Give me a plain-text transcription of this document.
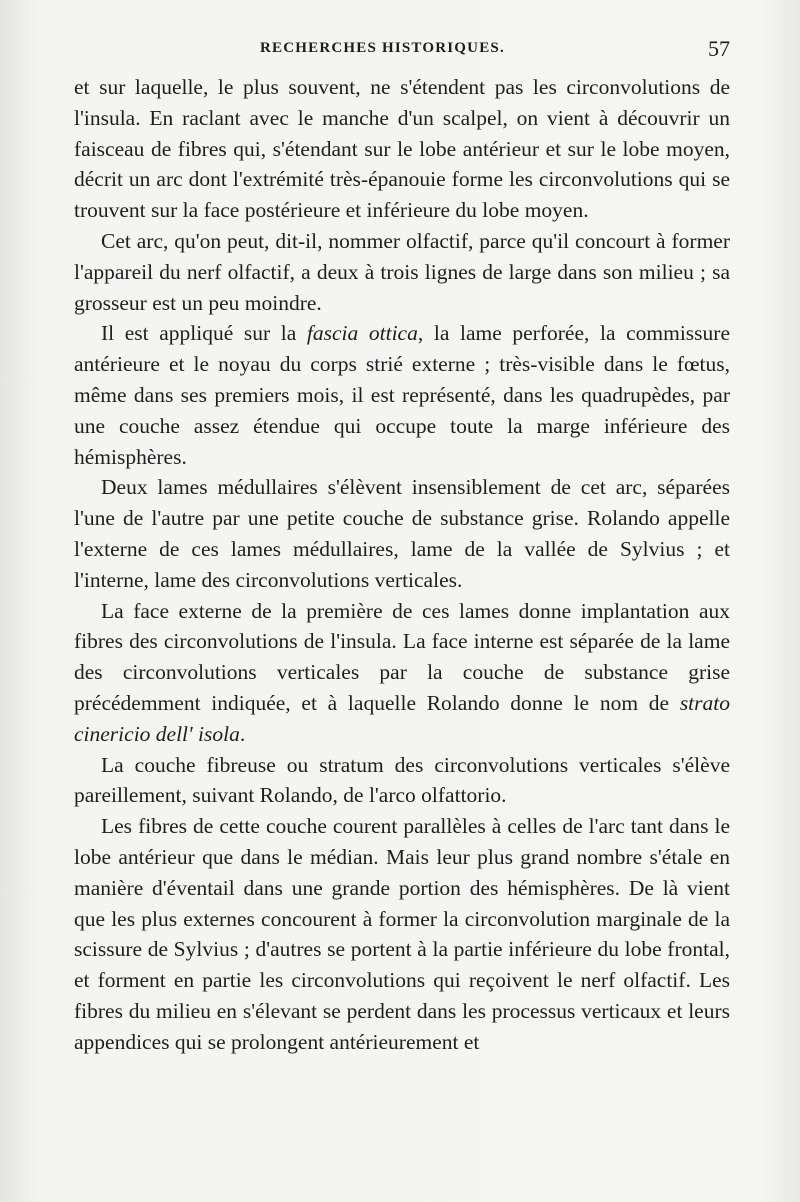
RECHERCHES HISTORIQUES.	57

et sur laquelle, le plus souvent, ne s'étendent pas les circonvolutions de l'insula. En raclant avec le manche d'un scalpel, on vient à découvrir un faisceau de fibres qui, s'étendant sur le lobe antérieur et sur le lobe moyen, décrit un arc dont l'extrémité très-épanouie forme les circonvolutions qui se trouvent sur la face postérieure et inférieure du lobe moyen.

Cet arc, qu'on peut, dit-il, nommer olfactif, parce qu'il concourt à former l'appareil du nerf olfactif, a deux à trois lignes de large dans son milieu ; sa grosseur est un peu moindre.

Il est appliqué sur la fascia ottica, la lame perforée, la commissure antérieure et le noyau du corps strié externe ; très-visible dans le fœtus, même dans ses premiers mois, il est représenté, dans les quadrupèdes, par une couche assez étendue qui occupe toute la marge inférieure des hémisphères.

Deux lames médullaires s'élèvent insensiblement de cet arc, séparées l'une de l'autre par une petite couche de substance grise. Rolando appelle l'externe de ces lames médullaires, lame de la vallée de Sylvius ; et l'interne, lame des circonvolutions verticales.

La face externe de la première de ces lames donne implantation aux fibres des circonvolutions de l'insula. La face interne est séparée de la lame des circonvolutions verticales par la couche de substance grise précédemment indiquée, et à laquelle Rolando donne le nom de strato cinericio dell' isola.

La couche fibreuse ou stratum des circonvolutions verticales s'élève pareillement, suivant Rolando, de l'arco olfattorio.

Les fibres de cette couche courent parallèles à celles de l'arc tant dans le lobe antérieur que dans le médian. Mais leur plus grand nombre s'étale en manière d'éventail dans une grande portion des hémisphères. De là vient que les plus externes concourent à former la circonvolution marginale de la scissure de Sylvius ; d'autres se portent à la partie inférieure du lobe frontal, et forment en partie les circonvolutions qui reçoivent le nerf olfactif. Les fibres du milieu en s'élevant se perdent dans les processus verticaux et leurs appendices qui se prolongent antérieurement et
